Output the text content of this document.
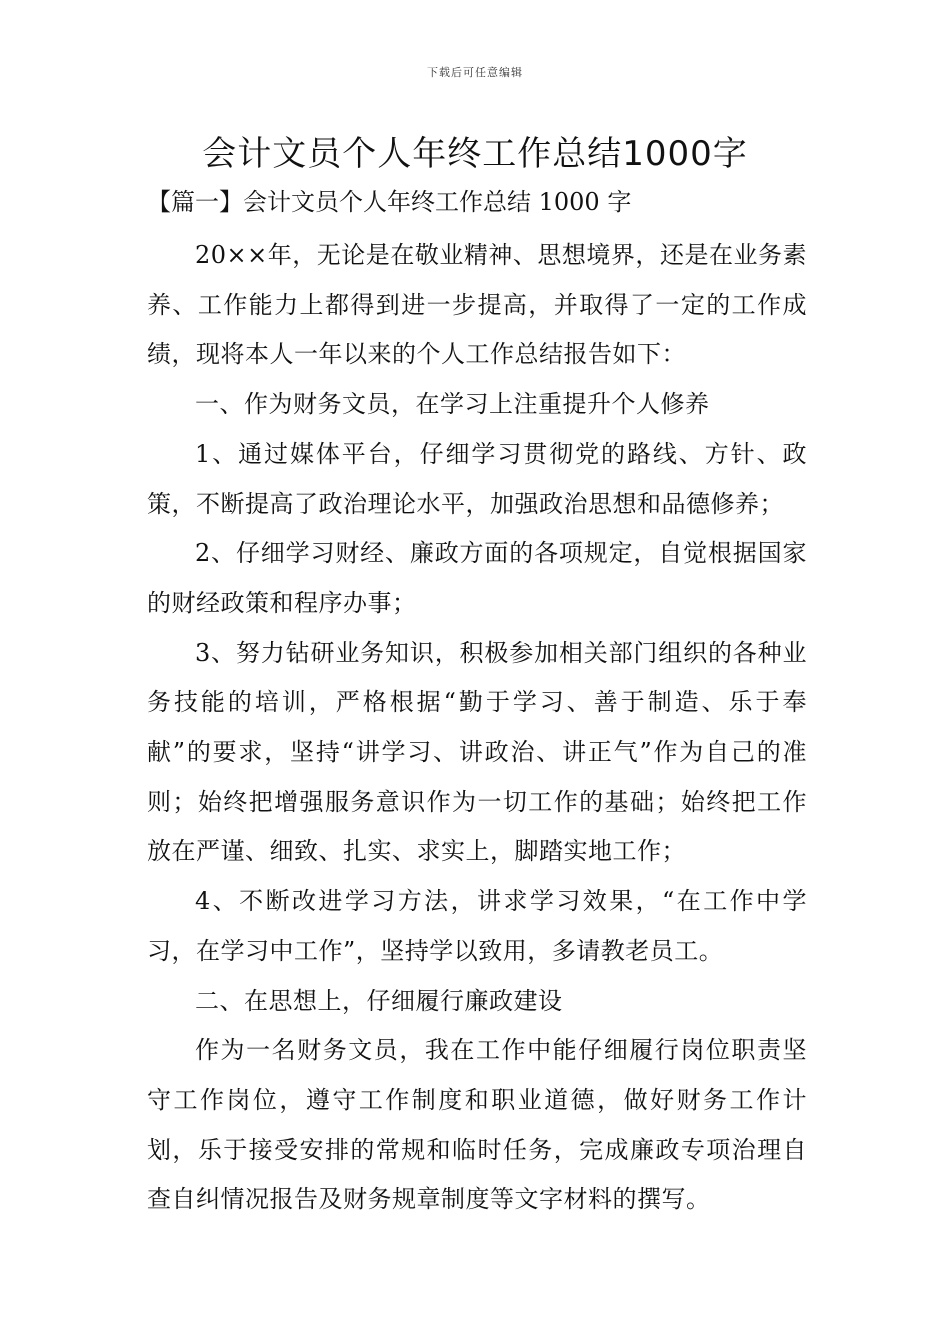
下载后可任意编辑
会计文员个人年终工作总结1000字
【篇一】会计文员个人年终工作总结 1000 字

20××年，无论是在敬业精神、思想境界，还是在业务素养、工作能力上都得到进一步提高，并取得了一定的工作成绩，现将本人一年以来的个人工作总结报告如下：

一、作为财务文员，在学习上注重提升个人修养

1、通过媒体平台，仔细学习贯彻党的路线、方针、政策，不断提高了政治理论水平，加强政治思想和品德修养；

2、仔细学习财经、廉政方面的各项规定，自觉根据国家的财经政策和程序办事；

3、努力钻研业务知识，积极参加相关部门组织的各种业务技能的培训，严格根据“勤于学习、善于制造、乐于奉献”的要求，坚持“讲学习、讲政治、讲正气”作为自己的准则；始终把增强服务意识作为一切工作的基础；始终把工作放在严谨、细致、扎实、求实上，脚踏实地工作；

4、不断改进学习方法，讲求学习效果，“在工作中学习，在学习中工作”，坚持学以致用，多请教老员工。

二、在思想上，仔细履行廉政建设

作为一名财务文员，我在工作中能仔细履行岗位职责坚守工作岗位，遵守工作制度和职业道德，做好财务工作计划，乐于接受安排的常规和临时任务，完成廉政专项治理自查自纠情况报告及财务规章制度等文字材料的撰写。
